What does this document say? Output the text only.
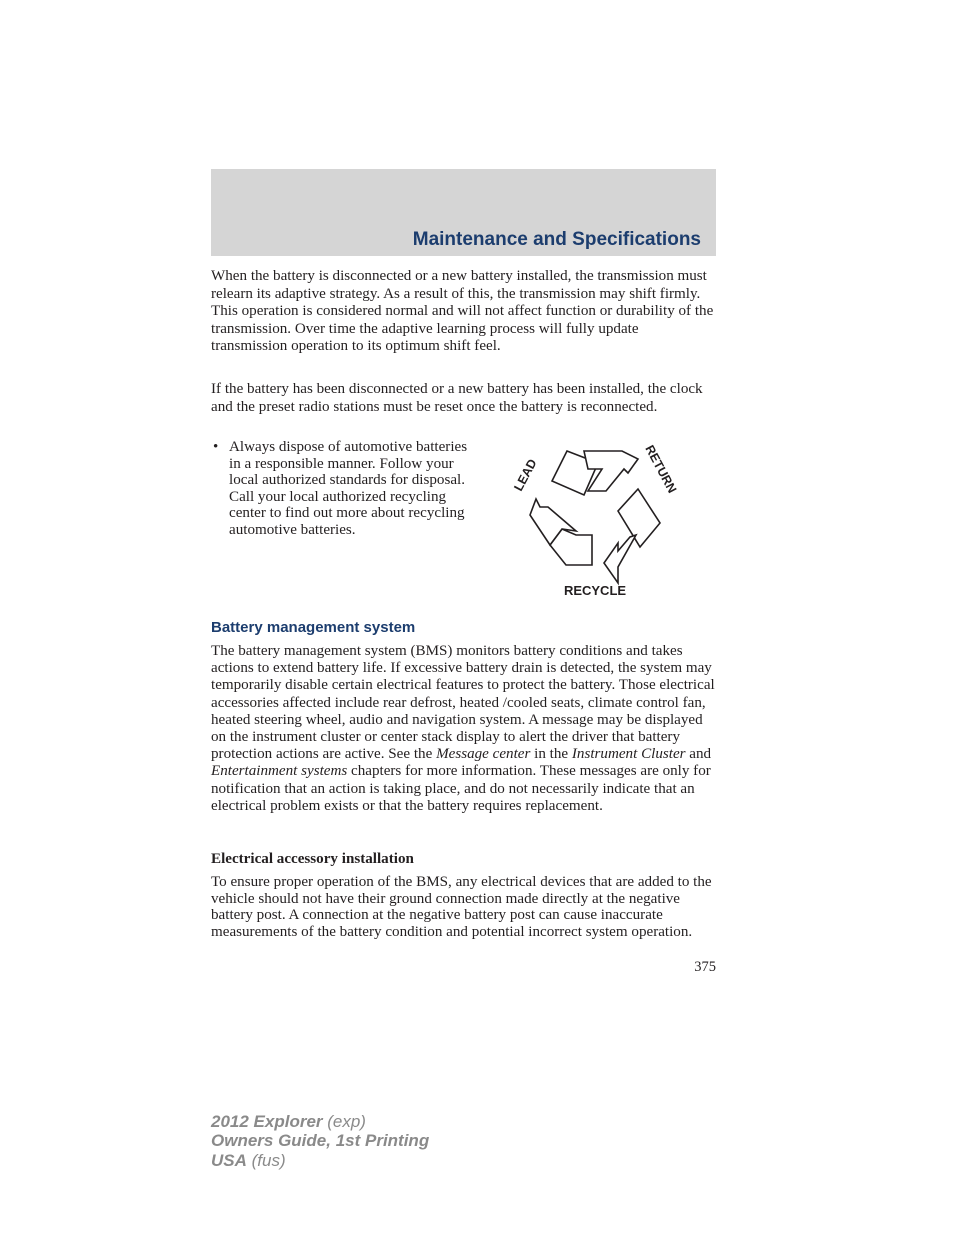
Maintenance and Specifications

When the battery is disconnected or a new battery installed, the transmission must relearn its adaptive strategy. As a result of this, the transmission may shift firmly. This operation is considered normal and will not affect function or durability of the transmission. Over time the adaptive learning process will fully update transmission operation to its optimum shift feel.

If the battery has been disconnected or a new battery has been installed, the clock and the preset radio stations must be reset once the battery is reconnected.

• Always dispose of automotive batteries in a responsible manner. Follow your local authorized standards for disposal. Call your local authorized recycling center to find out more about recycling automotive batteries.

LEAD	RETURN
RECYCLE
Battery management system

The battery management system (BMS) monitors battery conditions and takes actions to extend battery life. If excessive battery drain is detected, the system may temporarily disable certain electrical features to protect the battery. Those electrical accessories affected include rear defrost, heated /cooled seats, climate control fan, heated steering wheel, audio and navigation system. A message may be displayed on the instrument cluster or center stack display to alert the driver that battery protection actions are active. See the Message center in the Instrument Cluster and Entertainment systems chapters for more information. These messages are only for notification that an action is taking place, and do not necessarily indicate that an electrical problem exists or that the battery requires replacement.

Electrical accessory installation

To ensure proper operation of the BMS, any electrical devices that are added to the vehicle should not have their ground connection made directly at the negative battery post. A connection at the negative battery post can cause inaccurate measurements of the battery condition and potential incorrect system operation.

375
2012 Explorer (exp)
Owners Guide, 1st Printing
USA (fus)
